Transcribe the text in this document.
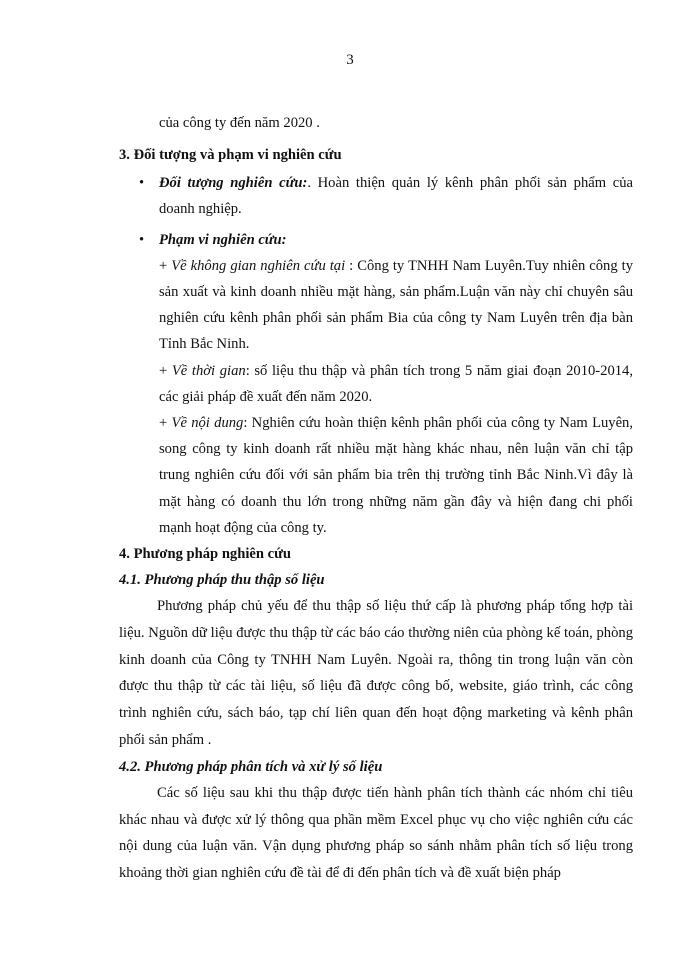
3

của công ty đến năm 2020 .

3. Đối tượng và phạm vi nghiên cứu

• Đối tượng nghiên cứu:. Hoàn thiện quản lý kênh phân phối sản phẩm của doanh nghiệp.

• Phạm vi nghiên cứu:

+ Về không gian nghiên cứu tại : Công ty TNHH Nam Luyên.Tuy nhiên công ty sản xuất và kinh doanh nhiều mặt hàng, sản phẩm.Luận văn này chỉ chuyên sâu nghiên cứu kênh phân phối sản phẩm Bia của công ty Nam Luyên trên địa bàn Tỉnh Bắc Ninh.

+ Về thời gian: số liệu thu thập và phân tích trong 5 năm giai đoạn 2010-2014, các giải pháp đề xuất đến năm 2020.

+ Về nội dung: Nghiên cứu hoàn thiện kênh phân phối của công ty Nam Luyên, song công ty kinh doanh rất nhiều mặt hàng khác nhau, nên luận văn chỉ tập trung nghiên cứu đối với sản phẩm bia trên thị trường tỉnh Bắc Ninh.Vì đây là mặt hàng có doanh thu lớn trong những năm gần đây và hiện đang chi phối mạnh hoạt động của công ty.

4. Phương pháp nghiên cứu

4.1. Phương pháp thu thập số liệu

Phương pháp chủ yếu để thu thập số liệu thứ cấp là phương pháp tổng hợp tài liệu. Nguồn dữ liệu được thu thập từ các báo cáo thường niên của phòng kế toán, phòng kinh doanh của Công ty TNHH Nam Luyên. Ngoài ra, thông tin trong luận văn còn được thu thập từ các tài liệu, số liệu đã được công bố, website, giáo trình, các công trình nghiên cứu, sách báo, tạp chí liên quan đến hoạt động marketing và kênh phân phối sản phẩm .

4.2. Phương pháp phân tích và xử lý số liệu

Các số liệu sau khi thu thập được tiến hành phân tích thành các nhóm chỉ tiêu khác nhau và được xử lý thông qua phần mềm Excel phục vụ cho việc nghiên cứu các nội dung của luận văn. Vận dụng phương pháp so sánh nhằm phân tích số liệu trong khoảng thời gian nghiên cứu đề tài để đi đến phân tích và đề xuất biện pháp
